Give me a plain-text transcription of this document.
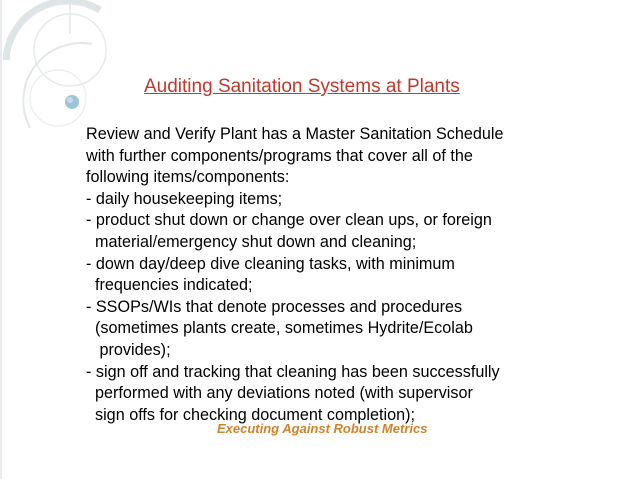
Auditing Sanitation Systems at Plants
Review and Verify Plant has a Master Sanitation Schedule
with further components/programs that cover all of the
following items/components:
- daily housekeeping items;
- product shut down or change over clean ups, or foreign
material/emergency shut down and cleaning;
- down day/deep dive cleaning tasks, with minimum
frequencies indicated;
- SSOPs/WIs that denote processes and procedures
(sometimes plants create, sometimes Hydrite/Ecolab
provides);
- sign off and tracking that cleaning has been successfully
performed with any deviations noted (with supervisor
sign offs for checking document completion);
Executing Against Robust Metrics
